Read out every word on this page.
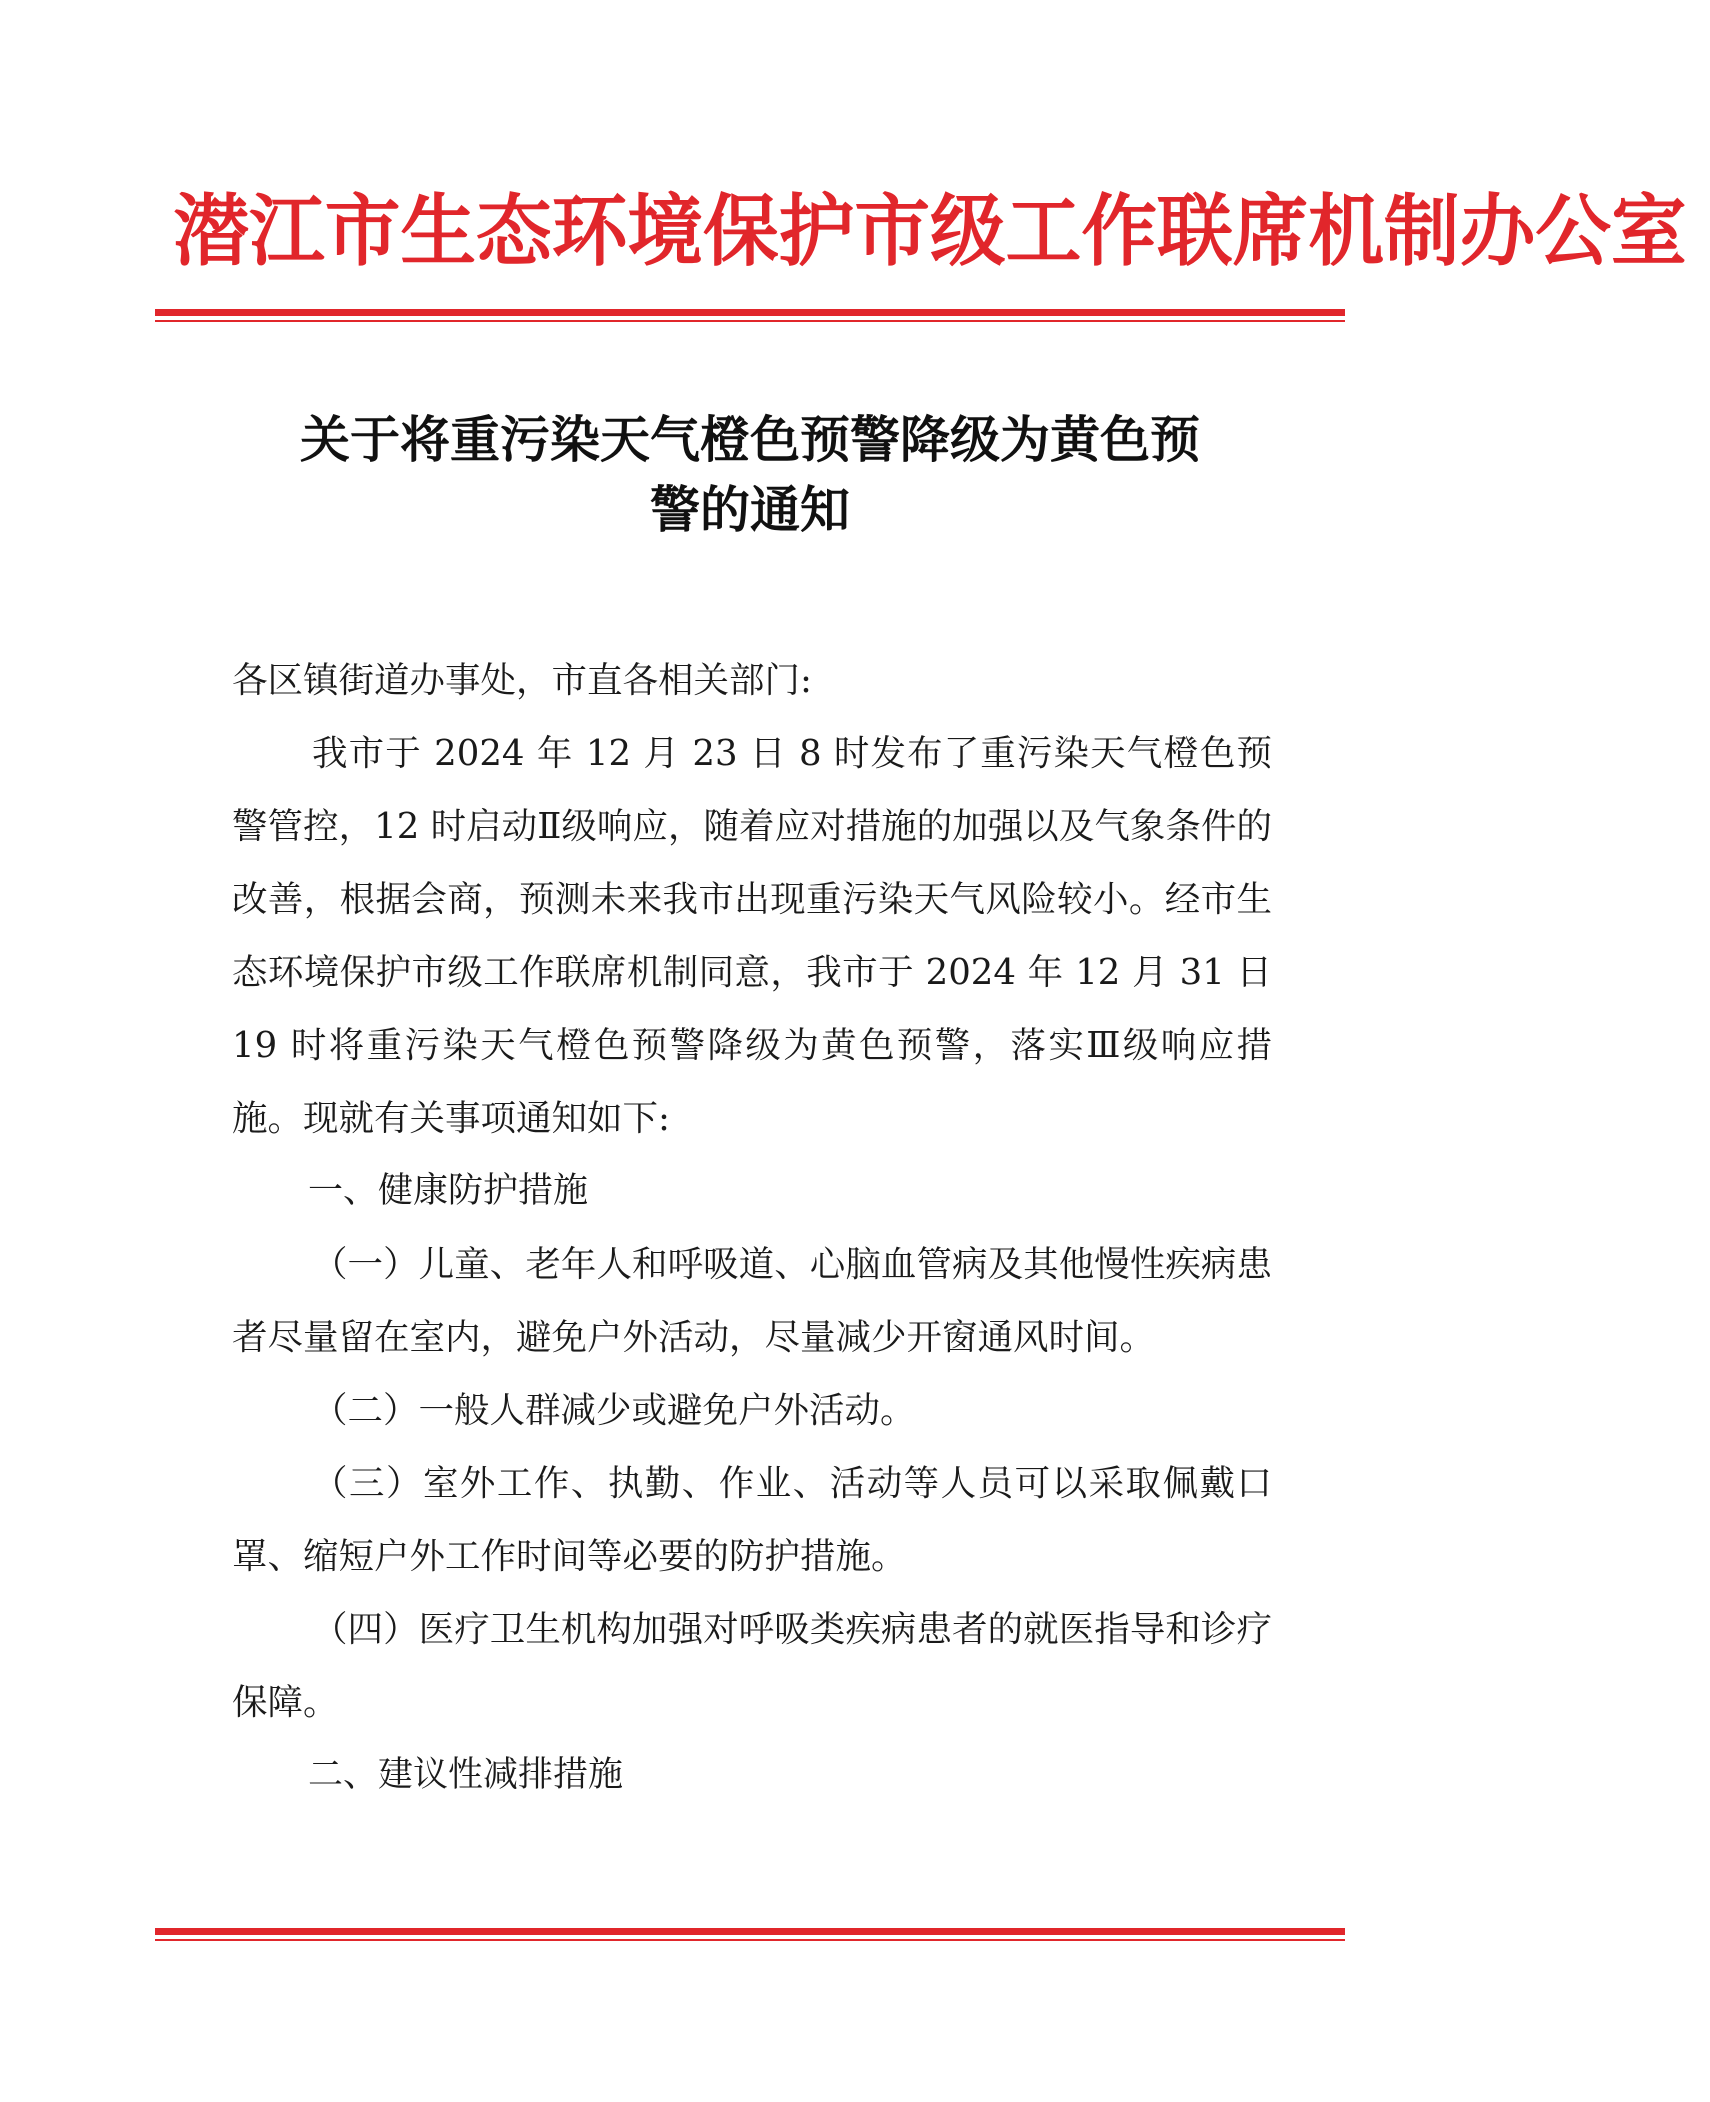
潜江市生态环境保护市级工作联席机制办公室
关于将重污染天气橙色预警降级为黄色预
警的通知

各区镇街道办事处，市直各相关部门:

我市于 2024 年 12 月 23 日 8 时发布了重污染天气橙色预警管控，12 时启动Ⅱ级响应，随着应对措施的加强以及气象条件的改善，根据会商，预测未来我市出现重污染天气风险较小。经市生态环境保护市级工作联席机制同意，我市于 2024 年 12 月 31 日 19 时将重污染天气橙色预警降级为黄色预警，落实Ⅲ级响应措施。现就有关事项通知如下:

一、健康防护措施

（一）儿童、老年人和呼吸道、心脑血管病及其他慢性疾病患者尽量留在室内，避免户外活动，尽量减少开窗通风时间。

（二）一般人群减少或避免户外活动。

（三）室外工作、执勤、作业、活动等人员可以采取佩戴口罩、缩短户外工作时间等必要的防护措施。

（四）医疗卫生机构加强对呼吸类疾病患者的就医指导和诊疗保障。

二、建议性减排措施
